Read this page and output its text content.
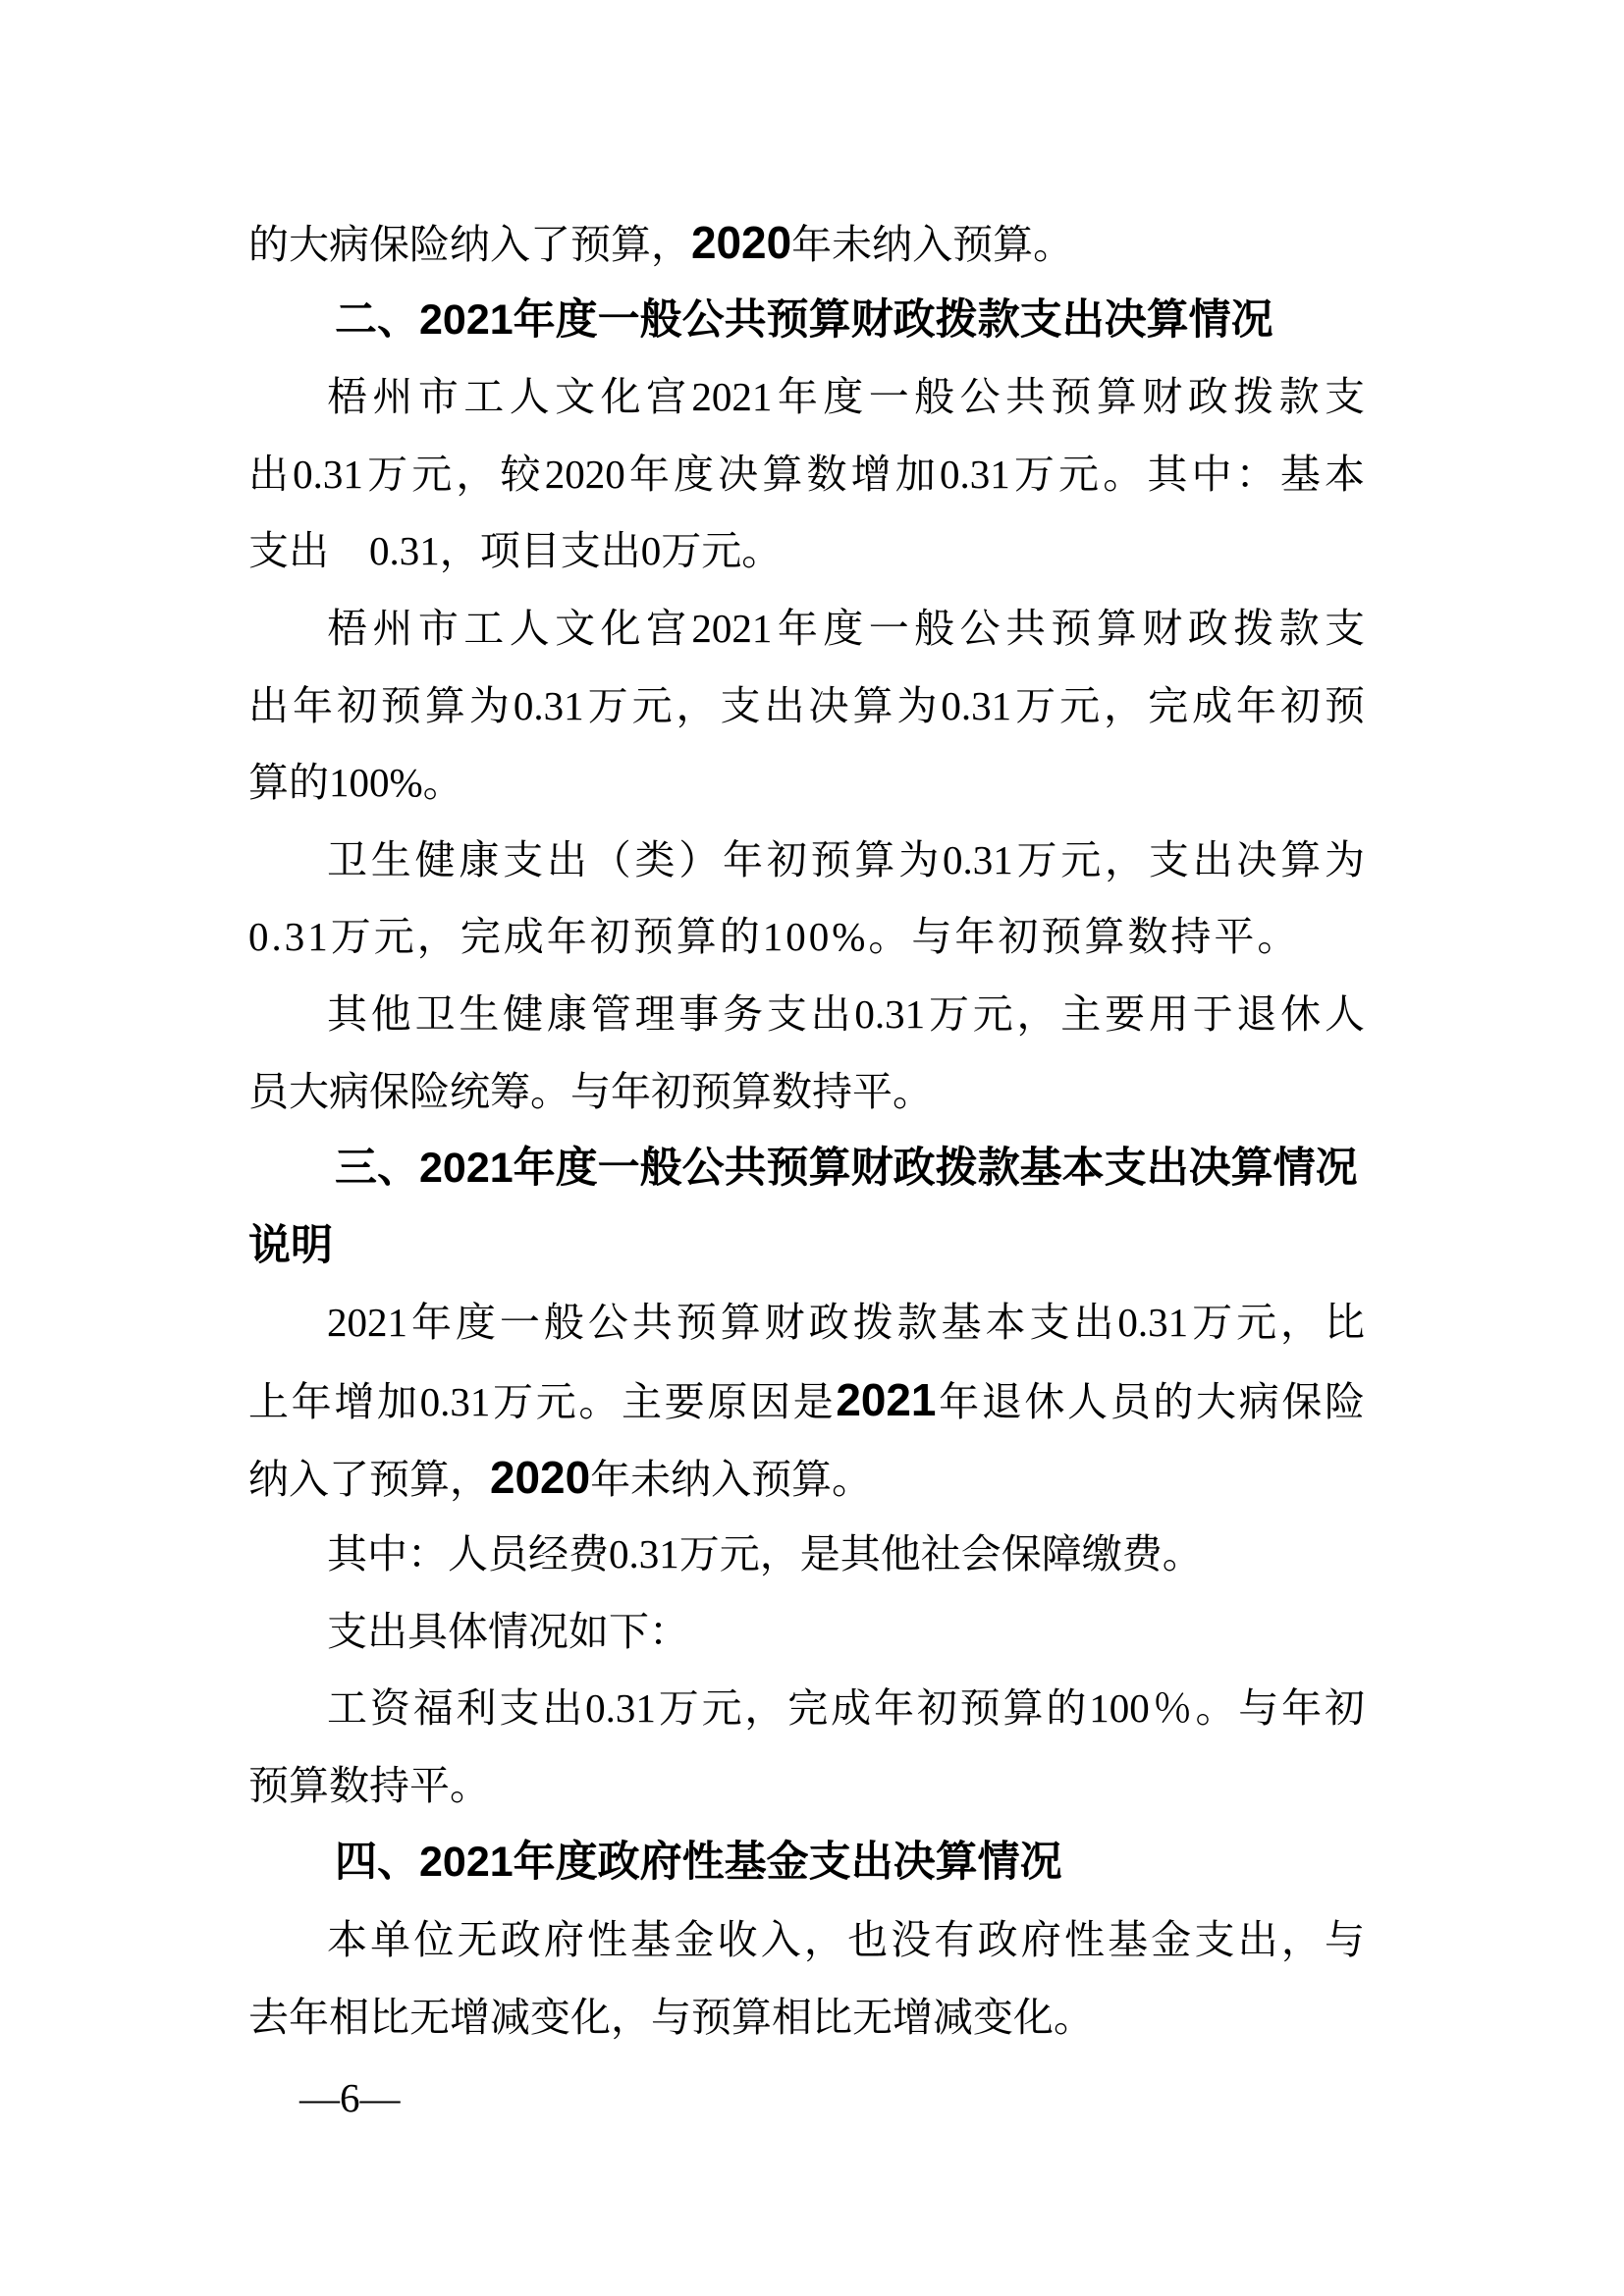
的大病保险纳入了预算，2020年未纳入预算。
二、2021年度一般公共预算财政拨款支出决算情况
梧州市工人文化宫2021年度一般公共预算财政拨款支
出0.31万元，较2020年度决算数增加0.31万元。其中：基本
支出　0.31，项目支出0万元。
梧州市工人文化宫2021年度一般公共预算财政拨款支
出年初预算为0.31万元，支出决算为0.31万元，完成年初预
算的100%。
卫生健康支出（类）年初预算为0.31万元，支出决算为
0.31万元，完成年初预算的100%。与年初预算数持平。
其他卫生健康管理事务支出0.31万元，主要用于退休人
员大病保险统筹。与年初预算数持平。
三、2021年度一般公共预算财政拨款基本支出决算情况
说明
2021年度一般公共预算财政拨款基本支出0.31万元，比
上年增加0.31万元。主要原因是2021年退休人员的大病保险
纳入了预算，2020年未纳入预算。
其中：人员经费0.31万元，是其他社会保障缴费。
支出具体情况如下：
工资福利支出0.31万元，完成年初预算的100％。与年初
预算数持平。
四、2021年度政府性基金支出决算情况
本单位无政府性基金收入，也没有政府性基金支出，与
去年相比无增减变化，与预算相比无增减变化。
—6—
